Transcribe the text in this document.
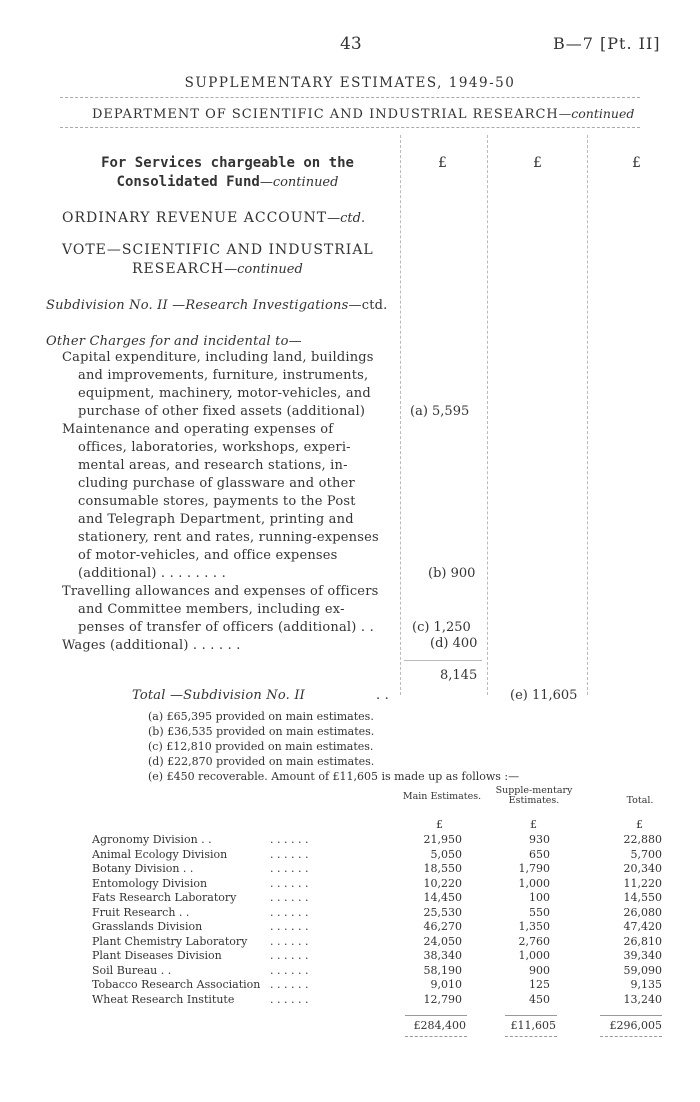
43	B—7 [Pt. II]
SUPPLEMENTARY ESTIMATES, 1949-50
DEPARTMENT OF SCIENTIFIC AND INDUSTRIAL RESEARCH—continued
£	£	£
For Services chargeable on the
Consolidated Fund—continued
ORDINARY REVENUE ACCOUNT—ctd.
VOTE—SCIENTIFIC AND INDUSTRIAL
RESEARCH—continued
Subdivision No. II —Research Investigations—ctd.
Other Charges for and incidental to—
Capital expenditure, including land, buildings
and improvements, furniture, instruments,
equipment, machinery, motor-vehicles, and
purchase of other fixed assets (additional)	(a) 5,595
Maintenance and operating expenses of
offices, laboratories, workshops, experi-
mental areas, and research stations, in-
cluding purchase of glassware and other
consumable stores, payments to the Post
and Telegraph Department, printing and
stationery, rent and rates, running-expenses
of motor-vehicles, and office expenses
(additional) . . . . . . . .	(b) 900
Travelling allowances and expenses of officers
and Committee members, including ex-
penses of transfer of officers (additional) . .	(c) 1,250
Wages (additional) . . . . . .	(d) 400
8,145
Total —Subdivision No. II	. .	(e) 11,605
(a) £65,395 provided on main estimates.
(b) £36,535 provided on main estimates.
(c) £12,810 provided on main estimates.
(d) £22,870 provided on main estimates.
(e) £450 recoverable. Amount of £11,605 is made up as follows :—
Main Estimates.
Supple-mentary Estimates.	Total.
£	£	£
Agronomy Division . .	. . . . . .	21,950	930	22,880
Animal Ecology Division	. . . . . .	5,050	650	5,700
Botany Division . .	. . . . . .	18,550	1,790	20,340
Entomology Division	. . . . . .	10,220	1,000	11,220
Fats Research Laboratory	. . . . . .	14,450	100	14,550
Fruit Research . .	. . . . . .	25,530	550	26,080
Grasslands Division	. . . . . .	46,270	1,350	47,420
Plant Chemistry Laboratory . . . . . .	24,050	2,760	26,810
Plant Diseases Division	. . . . . .	38,340	1,000	39,340
Soil Bureau . .	. . . . . .	58,190	900	59,090
Tobacco Research Association . . . . . .	9,010	125	9,135
Wheat Research Institute	. . . . . .	12,790	450	13,240
£284,400	£11,605	£296,005
